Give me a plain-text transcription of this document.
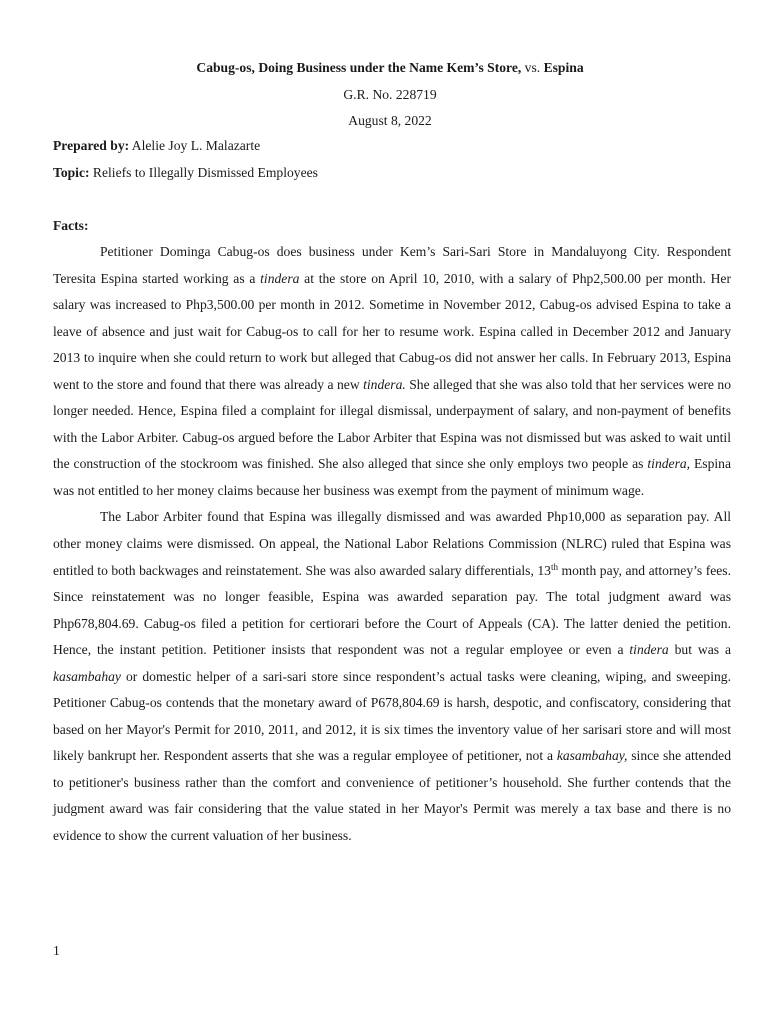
Cabug-os, Doing Business under the Name Kem’s Store, vs. Espina
G.R. No. 228719
August 8, 2022
Prepared by: Alelie Joy L. Malazarte
Topic: Reliefs to Illegally Dismissed Employees
Facts:

Petitioner Dominga Cabug-os does business under Kem’s Sari-Sari Store in Mandaluyong City. Respondent Teresita Espina started working as a tindera at the store on April 10, 2010, with a salary of Php2,500.00 per month. Her salary was increased to Php3,500.00 per month in 2012. Sometime in November 2012, Cabug-os advised Espina to take a leave of absence and just wait for Cabug-os to call for her to resume work. Espina called in December 2012 and January 2013 to inquire when she could return to work but alleged that Cabug-os did not answer her calls. In February 2013, Espina went to the store and found that there was already a new tindera. She alleged that she was also told that her services were no longer needed. Hence, Espina filed a complaint for illegal dismissal, underpayment of salary, and non-payment of benefits with the Labor Arbiter. Cabug-os argued before the Labor Arbiter that Espina was not dismissed but was asked to wait until the construction of the stockroom was finished. She also alleged that since she only employs two people as tindera, Espina was not entitled to her money claims because her business was exempt from the payment of minimum wage.

The Labor Arbiter found that Espina was illegally dismissed and was awarded Php10,000 as separation pay. All other money claims were dismissed. On appeal, the National Labor Relations Commission (NLRC) ruled that Espina was entitled to both backwages and reinstatement. She was also awarded salary differentials, 13th month pay, and attorney’s fees. Since reinstatement was no longer feasible, Espina was awarded separation pay. The total judgment award was Php678,804.69. Cabug-os filed a petition for certiorari before the Court of Appeals (CA). The latter denied the petition. Hence, the instant petition. Petitioner insists that respondent was not a regular employee or even a tindera but was a kasambahay or domestic helper of a sari-sari store since respondent’s actual tasks were cleaning, wiping, and sweeping. Petitioner Cabug-os contends that the monetary award of P678,804.69 is harsh, despotic, and confiscatory, considering that based on her Mayor's Permit for 2010, 2011, and 2012, it is six times the inventory value of her sarisari store and will most likely bankrupt her. Respondent asserts that she was a regular employee of petitioner, not a kasambahay, since she attended to petitioner's business rather than the comfort and convenience of petitioner’s household. She further contends that the judgment award was fair considering that the value stated in her Mayor's Permit was merely a tax base and there is no evidence to show the current valuation of her business.

1
